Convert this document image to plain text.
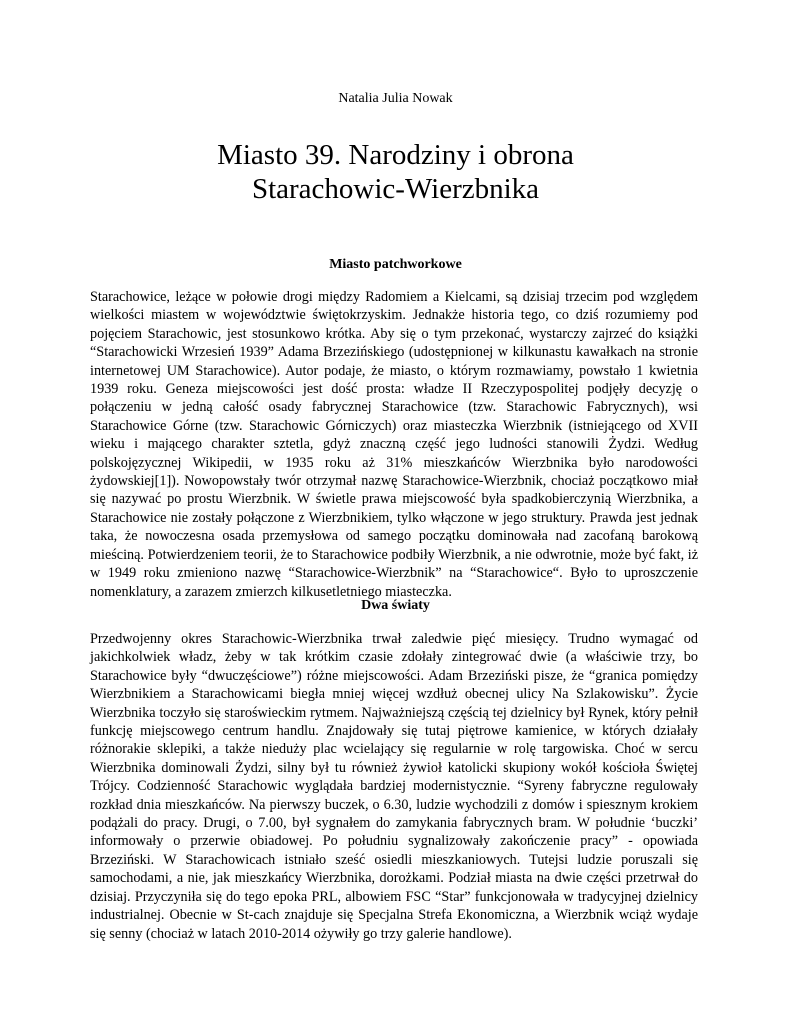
Natalia Julia Nowak
Miasto 39. Narodziny i obrona
Starachowic-Wierzbnika
Miasto patchworkowe
Starachowice, leżące w połowie drogi między Radomiem a Kielcami, są dzisiaj trzecim pod względem wielkości miastem w województwie świętokrzyskim. Jednakże historia tego, co dziś rozumiemy pod pojęciem Starachowic, jest stosunkowo krótka. Aby się o tym przekonać, wystarczy zajrzeć do książki “Starachowicki Wrzesień 1939” Adama Brzezińskiego (udostępnionej w kilkunastu kawałkach na stronie internetowej UM Starachowice). Autor podaje, że miasto, o którym rozmawiamy, powstało 1 kwietnia 1939 roku. Geneza miejscowości jest dość prosta: władze II Rzeczypospolitej podjęły decyzję o połączeniu w jedną całość osady fabrycznej Starachowice (tzw. Starachowic Fabrycznych), wsi Starachowice Górne (tzw. Starachowic Górniczych) oraz miasteczka Wierzbnik (istniejącego od XVII wieku i mającego charakter sztetla, gdyż znaczną część jego ludności stanowili Żydzi. Według polskojęzycznej Wikipedii, w 1935 roku aż 31% mieszkańców Wierzbnika było narodowości żydowskiej[1]). Nowopowstały twór otrzymał nazwę Starachowice-Wierzbnik, chociaż początkowo miał się nazywać po prostu Wierzbnik. W świetle prawa miejscowość była spadkobierczynią Wierzbnika, a Starachowice nie zostały połączone z Wierzbnikiem, tylko włączone w jego struktury. Prawda jest jednak taka, że nowoczesna osada przemysłowa od samego początku dominowała nad zacofaną barokową mieściną. Potwierdzeniem teorii, że to Starachowice podbiły Wierzbnik, a nie odwrotnie, może być fakt, iż w 1949 roku zmieniono nazwę “Starachowice-Wierzbnik” na “Starachowice“. Było to uproszczenie nomenklatury, a zarazem zmierzch kilkusetletniego miasteczka.
Dwa światy
Przedwojenny okres Starachowic-Wierzbnika trwał zaledwie pięć miesięcy. Trudno wymagać od jakichkolwiek władz, żeby w tak krótkim czasie zdołały zintegrować dwie (a właściwie trzy, bo Starachowice były “dwuczęściowe”) różne miejscowości. Adam Brzeziński pisze, że “granica pomiędzy Wierzbnikiem a Starachowicami biegła mniej więcej wzdłuż obecnej ulicy Na Szlakowisku”. Życie Wierzbnika toczyło się staroświeckim rytmem. Najważniejszą częścią tej dzielnicy był Rynek, który pełnił funkcję miejscowego centrum handlu. Znajdowały się tutaj piętrowe kamienice, w których działały różnorakie sklepiki, a także nieduży plac wcielający się regularnie w rolę targowiska. Choć w sercu Wierzbnika dominowali Żydzi, silny był tu również żywioł katolicki skupiony wokół kościoła Świętej Trójcy. Codzienność Starachowic wyglądała bardziej modernistycznie. “Syreny fabryczne regulowały rozkład dnia mieszkańców. Na pierwszy buczek, o 6.30, ludzie wychodzili z domów i spiesznym krokiem podążali do pracy. Drugi, o 7.00, był sygnałem do zamykania fabrycznych bram. W południe ‘buczki’ informowały o przerwie obiadowej. Po południu sygnalizowały zakończenie pracy” - opowiada Brzeziński. W Starachowicach istniało sześć osiedli mieszkaniowych. Tutejsi ludzie poruszali się samochodami, a nie, jak mieszkańcy Wierzbnika, dorożkami. Podział miasta na dwie części przetrwał do dzisiaj. Przyczyniła się do tego epoka PRL, albowiem FSC “Star” funkcjonowała w tradycyjnej dzielnicy industrialnej. Obecnie w St-cach znajduje się Specjalna Strefa Ekonomiczna, a Wierzbnik wciąż wydaje się senny (chociaż w latach 2010-2014 ożywiły go trzy galerie handlowe).
